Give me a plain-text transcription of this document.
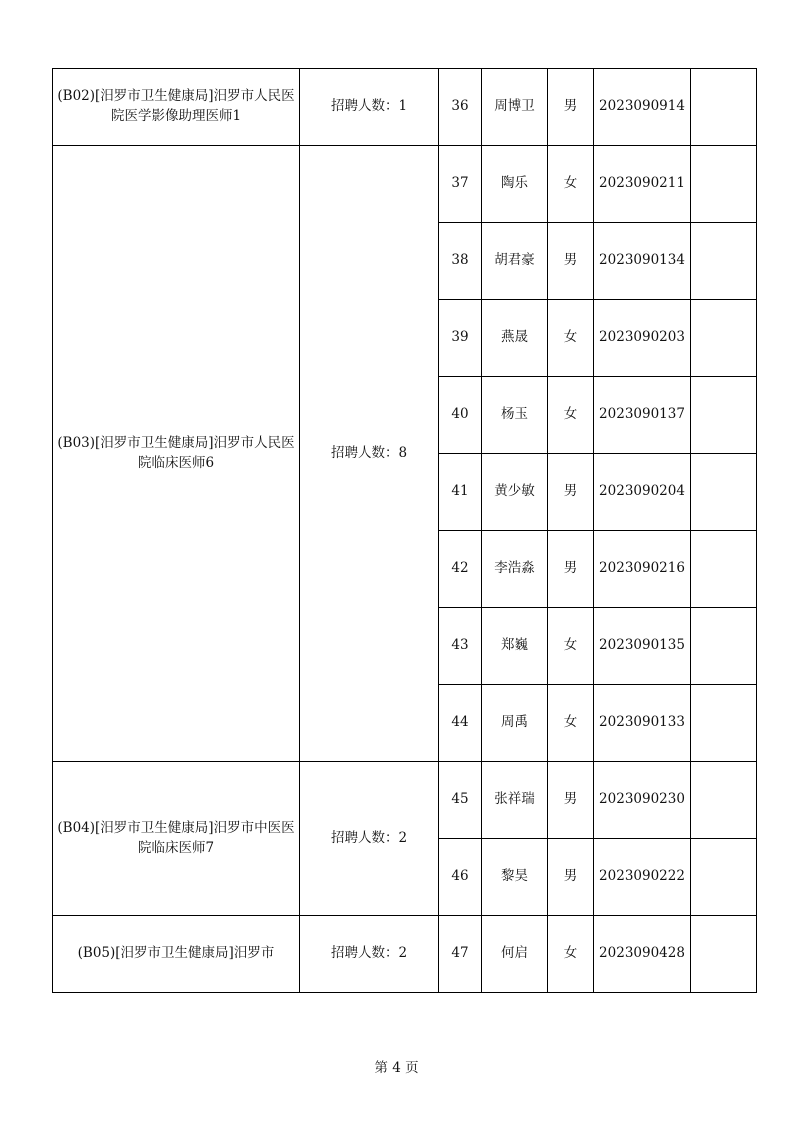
(B02)[汨罗市卫生健康局]汨罗市人民医院医学影像助理医师1	招聘人数：1	36	周博卫	男	2023090914	
(B03)[汨罗市卫生健康局]汨罗市人民医院临床医师6	招聘人数：8	37	陶乐	女	2023090211	
		38	胡君豪	男	2023090134	
		39	燕晟	女	2023090203	
		40	杨玉	女	2023090137	
		41	黄少敏	男	2023090204	
		42	李浩淼	男	2023090216	
		43	郑巍	女	2023090135	
		44	周禹	女	2023090133	
(B04)[汨罗市卫生健康局]汨罗市中医医院临床医师7	招聘人数：2	45	张祥瑞	男	2023090230	
		46	黎昊	男	2023090222	
(B05)[汨罗市卫生健康局]汨罗市	招聘人数：2	47	何启	女	2023090428	
第 4 页
